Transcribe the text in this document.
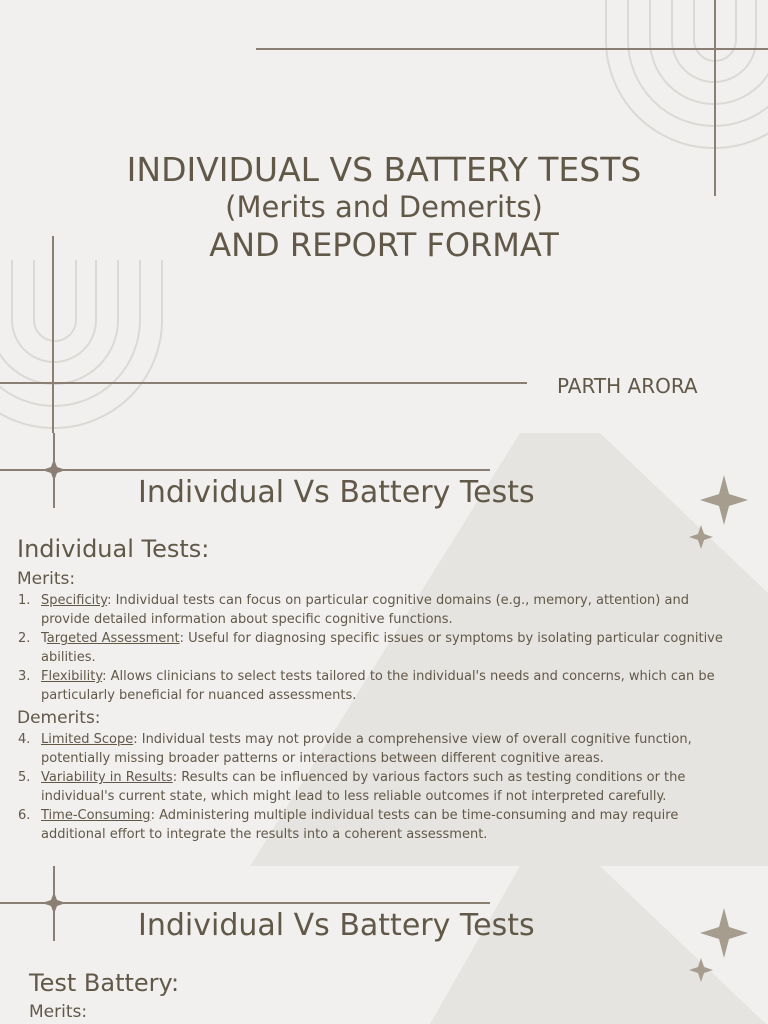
INDIVIDUAL VS BATTERY TESTS
(Merits and Demerits)
AND REPORT FORMAT
PARTH ARORA
Individual Vs Battery Tests
Individual Tests:
Merits:
1. Specificity: Individual tests can focus on particular cognitive domains (e.g., memory, attention) and provide detailed information about specific cognitive functions.
2. Targeted Assessment: Useful for diagnosing specific issues or symptoms by isolating particular cognitive abilities.
3. Flexibility: Allows clinicians to select tests tailored to the individual's needs and concerns, which can be particularly beneficial for nuanced assessments.
Demerits:
4. Limited Scope: Individual tests may not provide a comprehensive view of overall cognitive function, potentially missing broader patterns or interactions between different cognitive areas.
5. Variability in Results: Results can be influenced by various factors such as testing conditions or the individual's current state, which might lead to less reliable outcomes if not interpreted carefully.
6. Time-Consuming: Administering multiple individual tests can be time-consuming and may require additional effort to integrate the results into a coherent assessment.
Individual Vs Battery Tests
Test Battery:
Merits:
